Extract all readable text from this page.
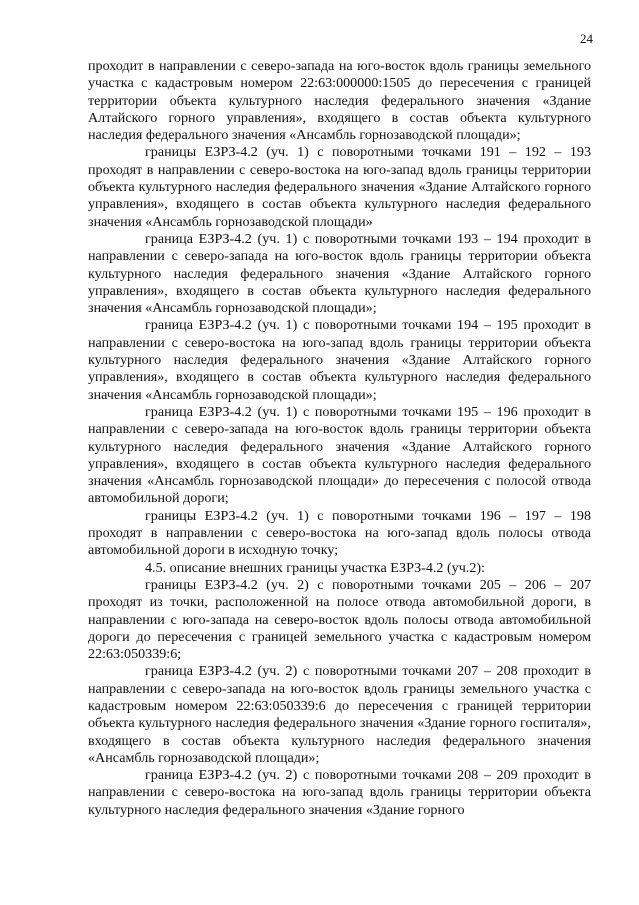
24

проходит в направлении с северо-запада на юго-восток вдоль границы земельного участка с кадастровым номером 22:63:000000:1505 до пересечения с границей территории объекта культурного наследия федерального значения «Здание Алтайского горного управления», входящего в состав объекта культурного наследия федерального значения «Ансамбль горнозаводской площади»;

границы ЕЗРЗ-4.2 (уч. 1) с поворотными точками 191 – 192 – 193 проходят в направлении с северо-востока на юго-запад вдоль границы территории объекта культурного наследия федерального значения «Здание Алтайского горного управления», входящего в состав объекта культурного наследия федерального значения «Ансамбль горнозаводской площади»

граница ЕЗРЗ-4.2 (уч. 1) с поворотными точками 193 – 194 проходит в направлении с северо-запада на юго-восток вдоль границы территории объекта культурного наследия федерального значения «Здание Алтайского горного управления», входящего в состав объекта культурного наследия федерального значения «Ансамбль горнозаводской площади»;

граница ЕЗРЗ-4.2 (уч. 1) с поворотными точками 194 – 195 проходит в направлении с северо-востока на юго-запад вдоль границы территории объекта культурного наследия федерального значения «Здание Алтайского горного управления», входящего в состав объекта культурного наследия федерального значения «Ансамбль горнозаводской площади»;

граница ЕЗРЗ-4.2 (уч. 1) с поворотными точками 195 – 196 проходит в направлении с северо-запада на юго-восток вдоль границы территории объекта культурного наследия федерального значения «Здание Алтайского горного управления», входящего в состав объекта культурного наследия федерального значения «Ансамбль горнозаводской площади» до пересечения с полосой отвода автомобильной дороги;

границы ЕЗРЗ-4.2 (уч. 1) с поворотными точками 196 – 197 – 198 проходят в направлении с северо-востока на юго-запад вдоль полосы отвода автомобильной дороги в исходную точку;

4.5. описание внешних границы участка ЕЗРЗ-4.2 (уч.2):

границы ЕЗРЗ-4.2 (уч. 2) с поворотными точками 205 – 206 – 207 проходят из точки, расположенной на полосе отвода автомобильной дороги, в направлении с юго-запада на северо-восток вдоль полосы отвода автомобильной дороги до пересечения с границей земельного участка с кадастровым номером 22:63:050339:6;

граница ЕЗРЗ-4.2 (уч. 2) с поворотными точками 207 – 208 проходит в направлении с северо-запада на юго-восток вдоль границы земельного участка с кадастровым номером 22:63:050339:6 до пересечения с границей территории объекта культурного наследия федерального значения «Здание горного госпиталя», входящего в состав объекта культурного наследия федерального значения «Ансамбль горнозаводской площади»;

граница ЕЗРЗ-4.2 (уч. 2) с поворотными точками 208 – 209 проходит в направлении с северо-востока на юго-запад вдоль границы территории объекта культурного наследия федерального значения «Здание горного
